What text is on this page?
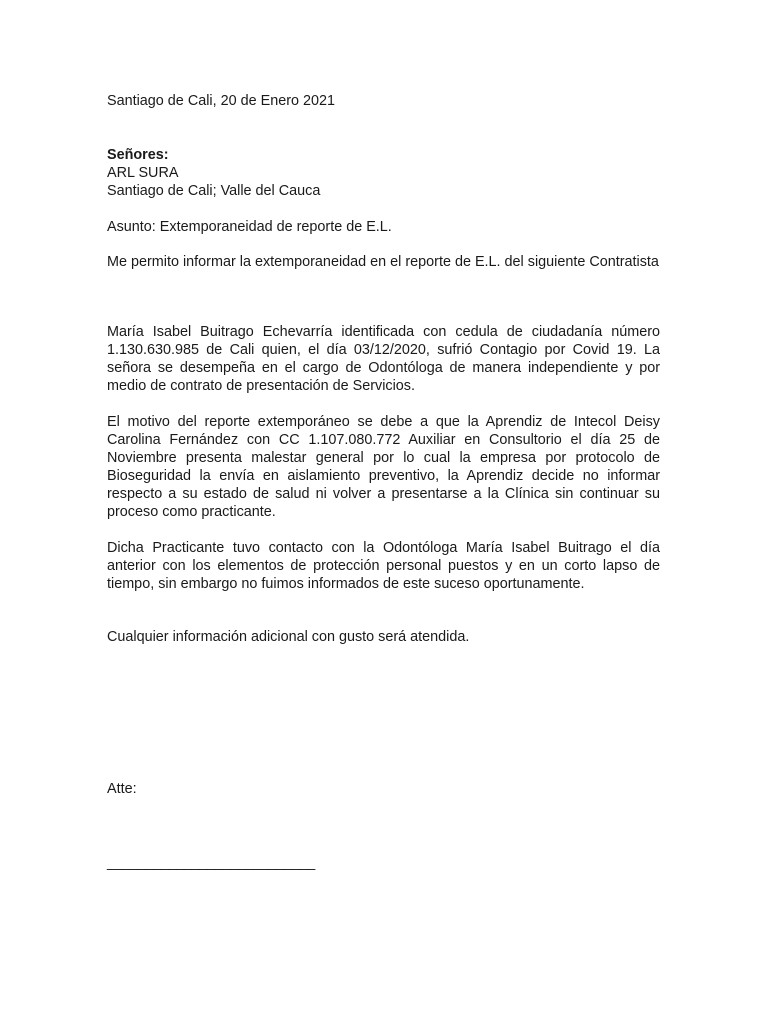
Santiago de Cali, 20 de Enero 2021

Señores:
ARL SURA
Santiago de Cali; Valle del Cauca

Asunto: Extemporaneidad de reporte de E.L.

Me permito informar la extemporaneidad en el reporte de E.L. del siguiente Contratista

María Isabel Buitrago Echevarría identificada con cedula de ciudadanía número 1.130.630.985 de Cali quien, el día 03/12/2020, sufrió Contagio por Covid 19. La señora se desempeña en el cargo de Odontóloga de manera independiente y por medio de contrato de presentación de Servicios.

El motivo del reporte extemporáneo se debe a que la Aprendiz de Intecol Deisy Carolina Fernández con CC 1.107.080.772 Auxiliar en Consultorio el día 25 de Noviembre presenta malestar general por lo cual la empresa por protocolo de Bioseguridad la envía en aislamiento preventivo, la Aprendiz decide no informar respecto a su estado de salud ni volver a presentarse a la Clínica sin continuar su proceso como practicante.

Dicha Practicante tuvo contacto con la Odontóloga María Isabel Buitrago el día anterior con los elementos de protección personal puestos y en un corto lapso de tiempo, sin embargo no fuimos informados de este suceso oportunamente.

Cualquier información adicional con gusto será atendida.

Atte:

___________________________
